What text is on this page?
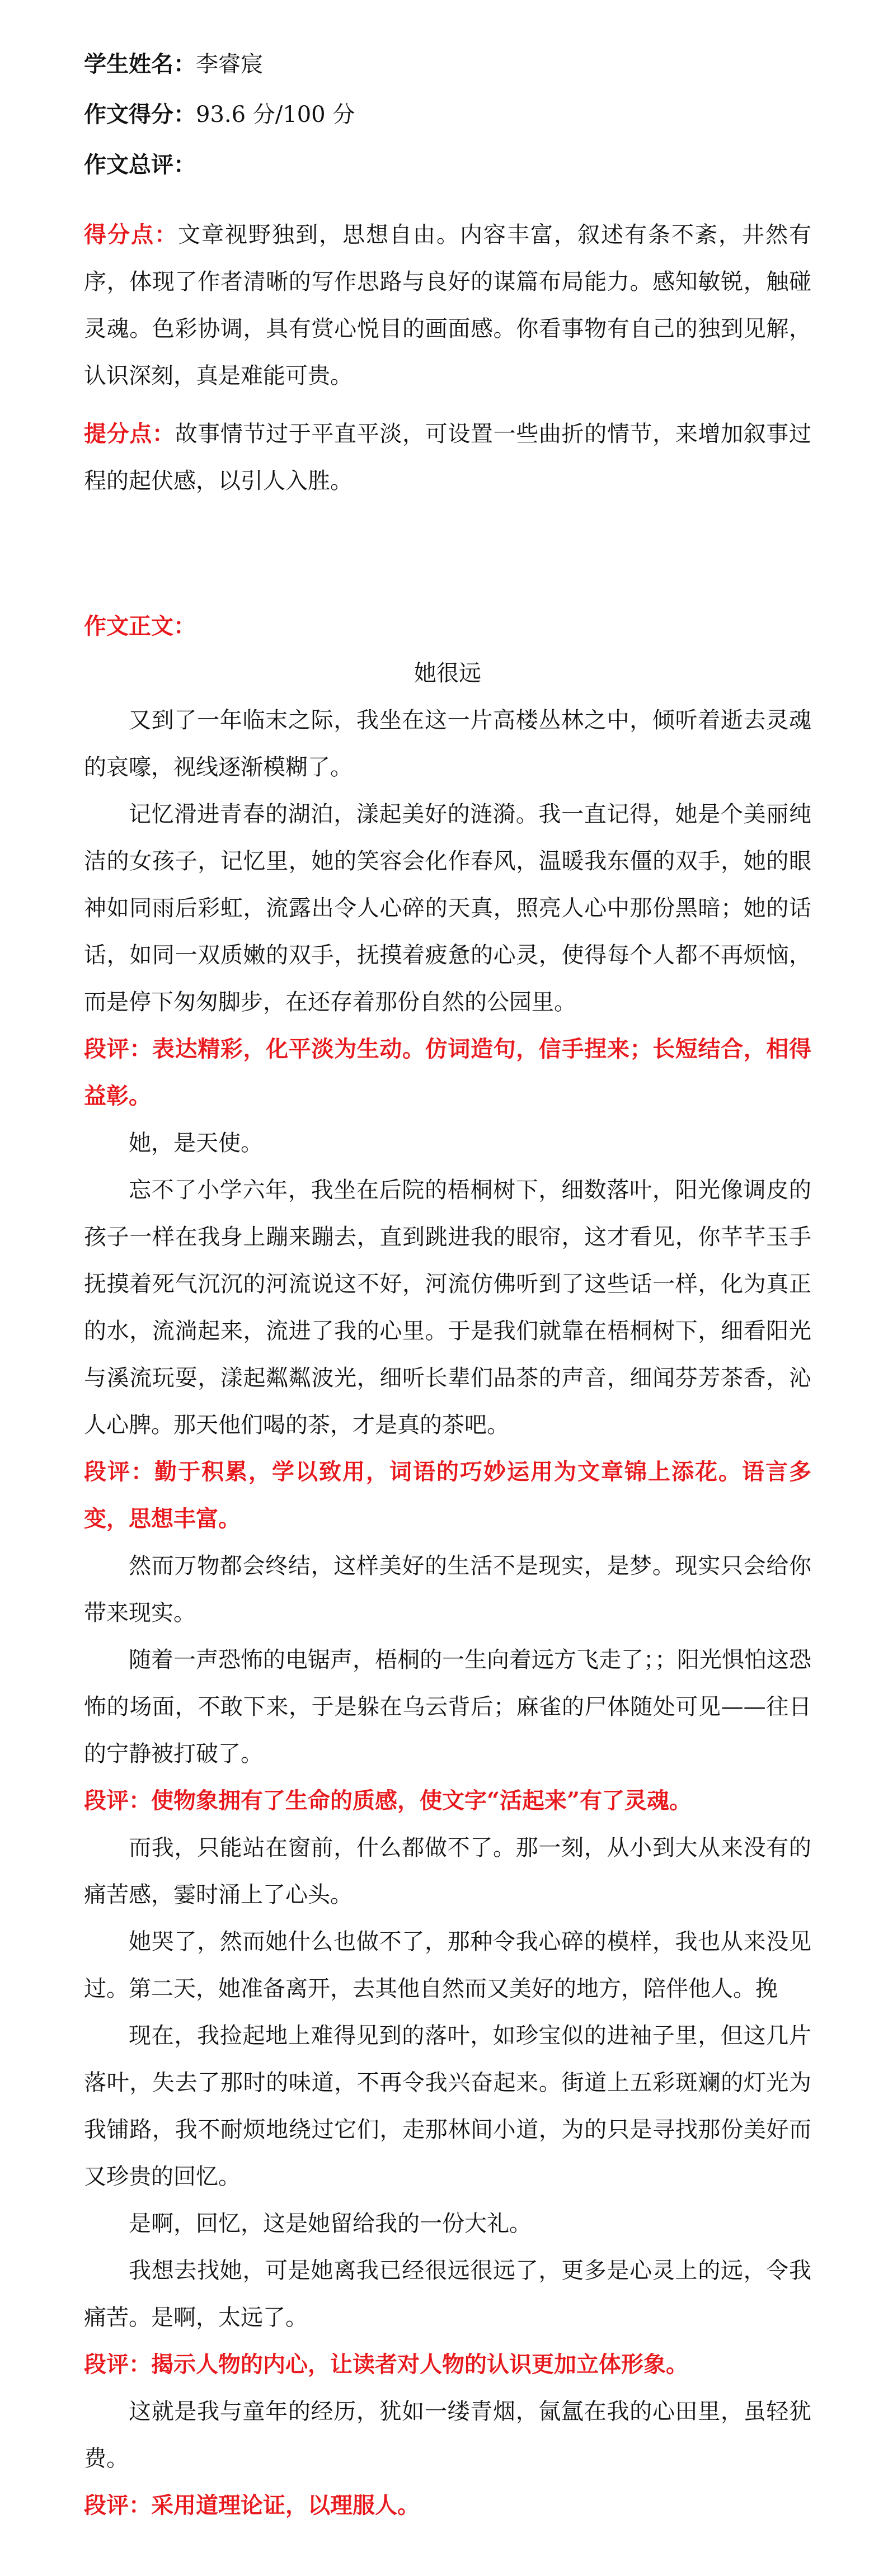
学生姓名：李睿宸

作文得分：93.6 分/100 分

作文总评：

得分点：文章视野独到，思想自由。内容丰富，叙述有条不紊，井然有序，体现了作者清晰的写作思路与良好的谋篇布局能力。感知敏锐，触碰灵魂。色彩协调，具有赏心悦目的画面感。你看事物有自己的独到见解，认识深刻，真是难能可贵。

提分点：故事情节过于平直平淡，可设置一些曲折的情节，来增加叙事过程的起伏感，以引人入胜。

作文正文：

她很远

又到了一年临末之际，我坐在这一片高楼丛林之中，倾听着逝去灵魂的哀嚎，视线逐渐模糊了。

记忆滑进青春的湖泊，漾起美好的涟漪。我一直记得，她是个美丽纯洁的女孩子，记忆里，她的笑容会化作春风，温暖我东僵的双手，她的眼神如同雨后彩虹，流露出令人心碎的天真，照亮人心中那份黑暗；她的话话，如同一双质嫩的双手，抚摸着疲惫的心灵，使得每个人都不再烦恼，而是停下匆匆脚步，在还存着那份自然的公园里。

段评：表达精彩，化平淡为生动。仿词造句，信手捏来；长短结合，相得益彰。

她，是天使。

忘不了小学六年，我坐在后院的梧桐树下，细数落叶，阳光像调皮的孩子一样在我身上蹦来蹦去，直到跳进我的眼帘，这才看见，你芊芊玉手抚摸着死气沉沉的河流说这不好，河流仿佛听到了这些话一样，化为真正的水，流淌起来，流进了我的心里。于是我们就靠在梧桐树下，细看阳光与溪流玩耍，漾起粼粼波光，细听长辈们品茶的声音，细闻芬芳茶香，沁人心脾。那天他们喝的茶，才是真的茶吧。

段评：勤于积累，学以致用，词语的巧妙运用为文章锦上添花。语言多变，思想丰富。

然而万物都会终结，这样美好的生活不是现实，是梦。现实只会给你带来现实。

随着一声恐怖的电锯声，梧桐的一生向着远方飞走了；；阳光惧怕这恐怖的场面，不敢下来，于是躲在乌云背后；麻雀的尸体随处可见——往日的宁静被打破了。

段评：使物象拥有了生命的质感，使文字“活起来”有了灵魂。

而我，只能站在窗前，什么都做不了。那一刻，从小到大从来没有的痛苦感，霎时涌上了心头。

她哭了，然而她什么也做不了，那种令我心碎的模样，我也从来没见过。第二天，她准备离开，去其他自然而又美好的地方，陪伴他人。挽

现在，我捡起地上难得见到的落叶，如珍宝似的进袖子里，但这几片落叶，失去了那时的味道，不再令我兴奋起来。街道上五彩斑斓的灯光为我铺路，我不耐烦地绕过它们，走那林间小道，为的只是寻找那份美好而又珍贵的回忆。

是啊，回忆，这是她留给我的一份大礼。

我想去找她，可是她离我已经很远很远了，更多是心灵上的远，令我痛苦。是啊，太远了。

段评：揭示人物的内心，让读者对人物的认识更加立体形象。

这就是我与童年的经历，犹如一缕青烟，氤氲在我的心田里，虽轻犹费。

段评：采用道理论证，以理服人。
